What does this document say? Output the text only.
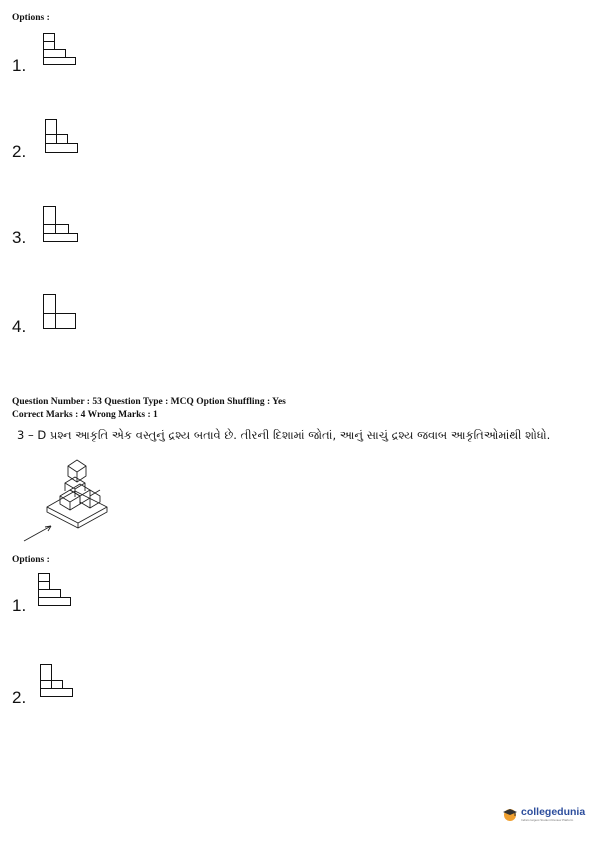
Options :
1.
2.
3.
4.
Question Number : 53 Question Type : MCQ Option Shuffling : Yes
Correct Marks : 4 Wrong Marks : 1
3 – D પ્રશ્ન આકૃતિ એક વસ્તુનું દ્રશ્ય બતાવે છે. તીરની દિશામાં જોતાં, આનું સાચું દ્રશ્ય જવાબ આકૃતિઓમાંથી શોધો.
Options :
1.
2.
collegedunia
India's largest Student Review Platform
